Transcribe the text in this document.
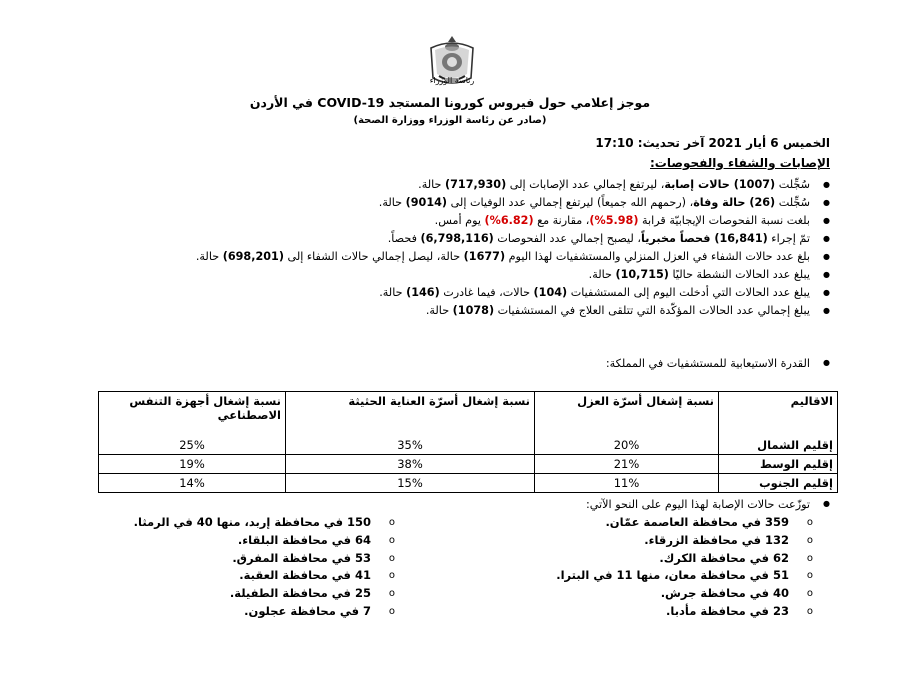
رئاسة الوزراء
موجز إعلامي حول فيروس كورونا المستجد COVID-19 في الأردن
(صادر عن رئاسة الوزراء ووزارة الصحة)
الخميس 6 أيار 2021 آخر تحديث: 17:10
الإصابات والشفاء والفحوصات:
● سُجِّلت (1007) حالات إصابة، ليرتفع إجمالي عدد الإصابات إلى (717,930) حالة.
● سُجِّلت (26) حالة وفاة، (رحمهم الله جميعاً) ليرتفع إجمالي عدد الوفيات إلى (9014) حالة.
● بلغت نسبة الفحوصات الإيجابيّة قرابة (5.98%)، مقارنة مع (6.82%) يوم أمس.
● تمّ إجراء (16,841) فحصاً مخبرياً، ليصبح إجمالي عدد الفحوصات (6,798,116) فحصاً.
● بلغ عدد حالات الشفاء في العزل المنزلي والمستشفيات لهذا اليوم (1677) حالة، ليصل إجمالي حالات الشفاء إلى (698,201) حالة.
● يبلغ عدد الحالات النشطة حاليًا (10,715) حالة.
● يبلغ عدد الحالات التي أدخلت اليوم إلى المستشفيات (104) حالات، فيما غادرت (146) حالة.
● يبلغ إجمالي عدد الحالات المؤكّدة التي تتلقى العلاج في المستشفيات (1078) حالة.
● القدرة الاستيعابية للمستشفيات في المملكة:
الاقاليم	نسبة إشغال أسرّة العزل	نسبة إشغال أسرّة العناية الحثيثة	نسبة إشغال أجهزة التنفس الاصطناعي
إقليم الشمال	20%	35%	25%
إقليم الوسط	21%	38%	19%
إقليم الجنوب	11%	15%	14%
● توزّعت حالات الإصابة لهذا اليوم على النحو الآتي:
o 359 في محافظة العاصمة عمّان.
o 132 في محافظة الزرقاء.
o 62 في محافظة الكرك.
o 51 في محافظة معان، منها 11 في البترا.
o 40 في محافظة جرش.
o 23 في محافظة مأدبا.
o 150 في محافظة إربد، منها 40 في الرمثا.
o 64 في محافظة البلقاء.
o 53 في محافظة المفرق.
o 41 في محافظة العقبة.
o 25 في محافظة الطفيلة.
o 7 في محافظة عجلون.
